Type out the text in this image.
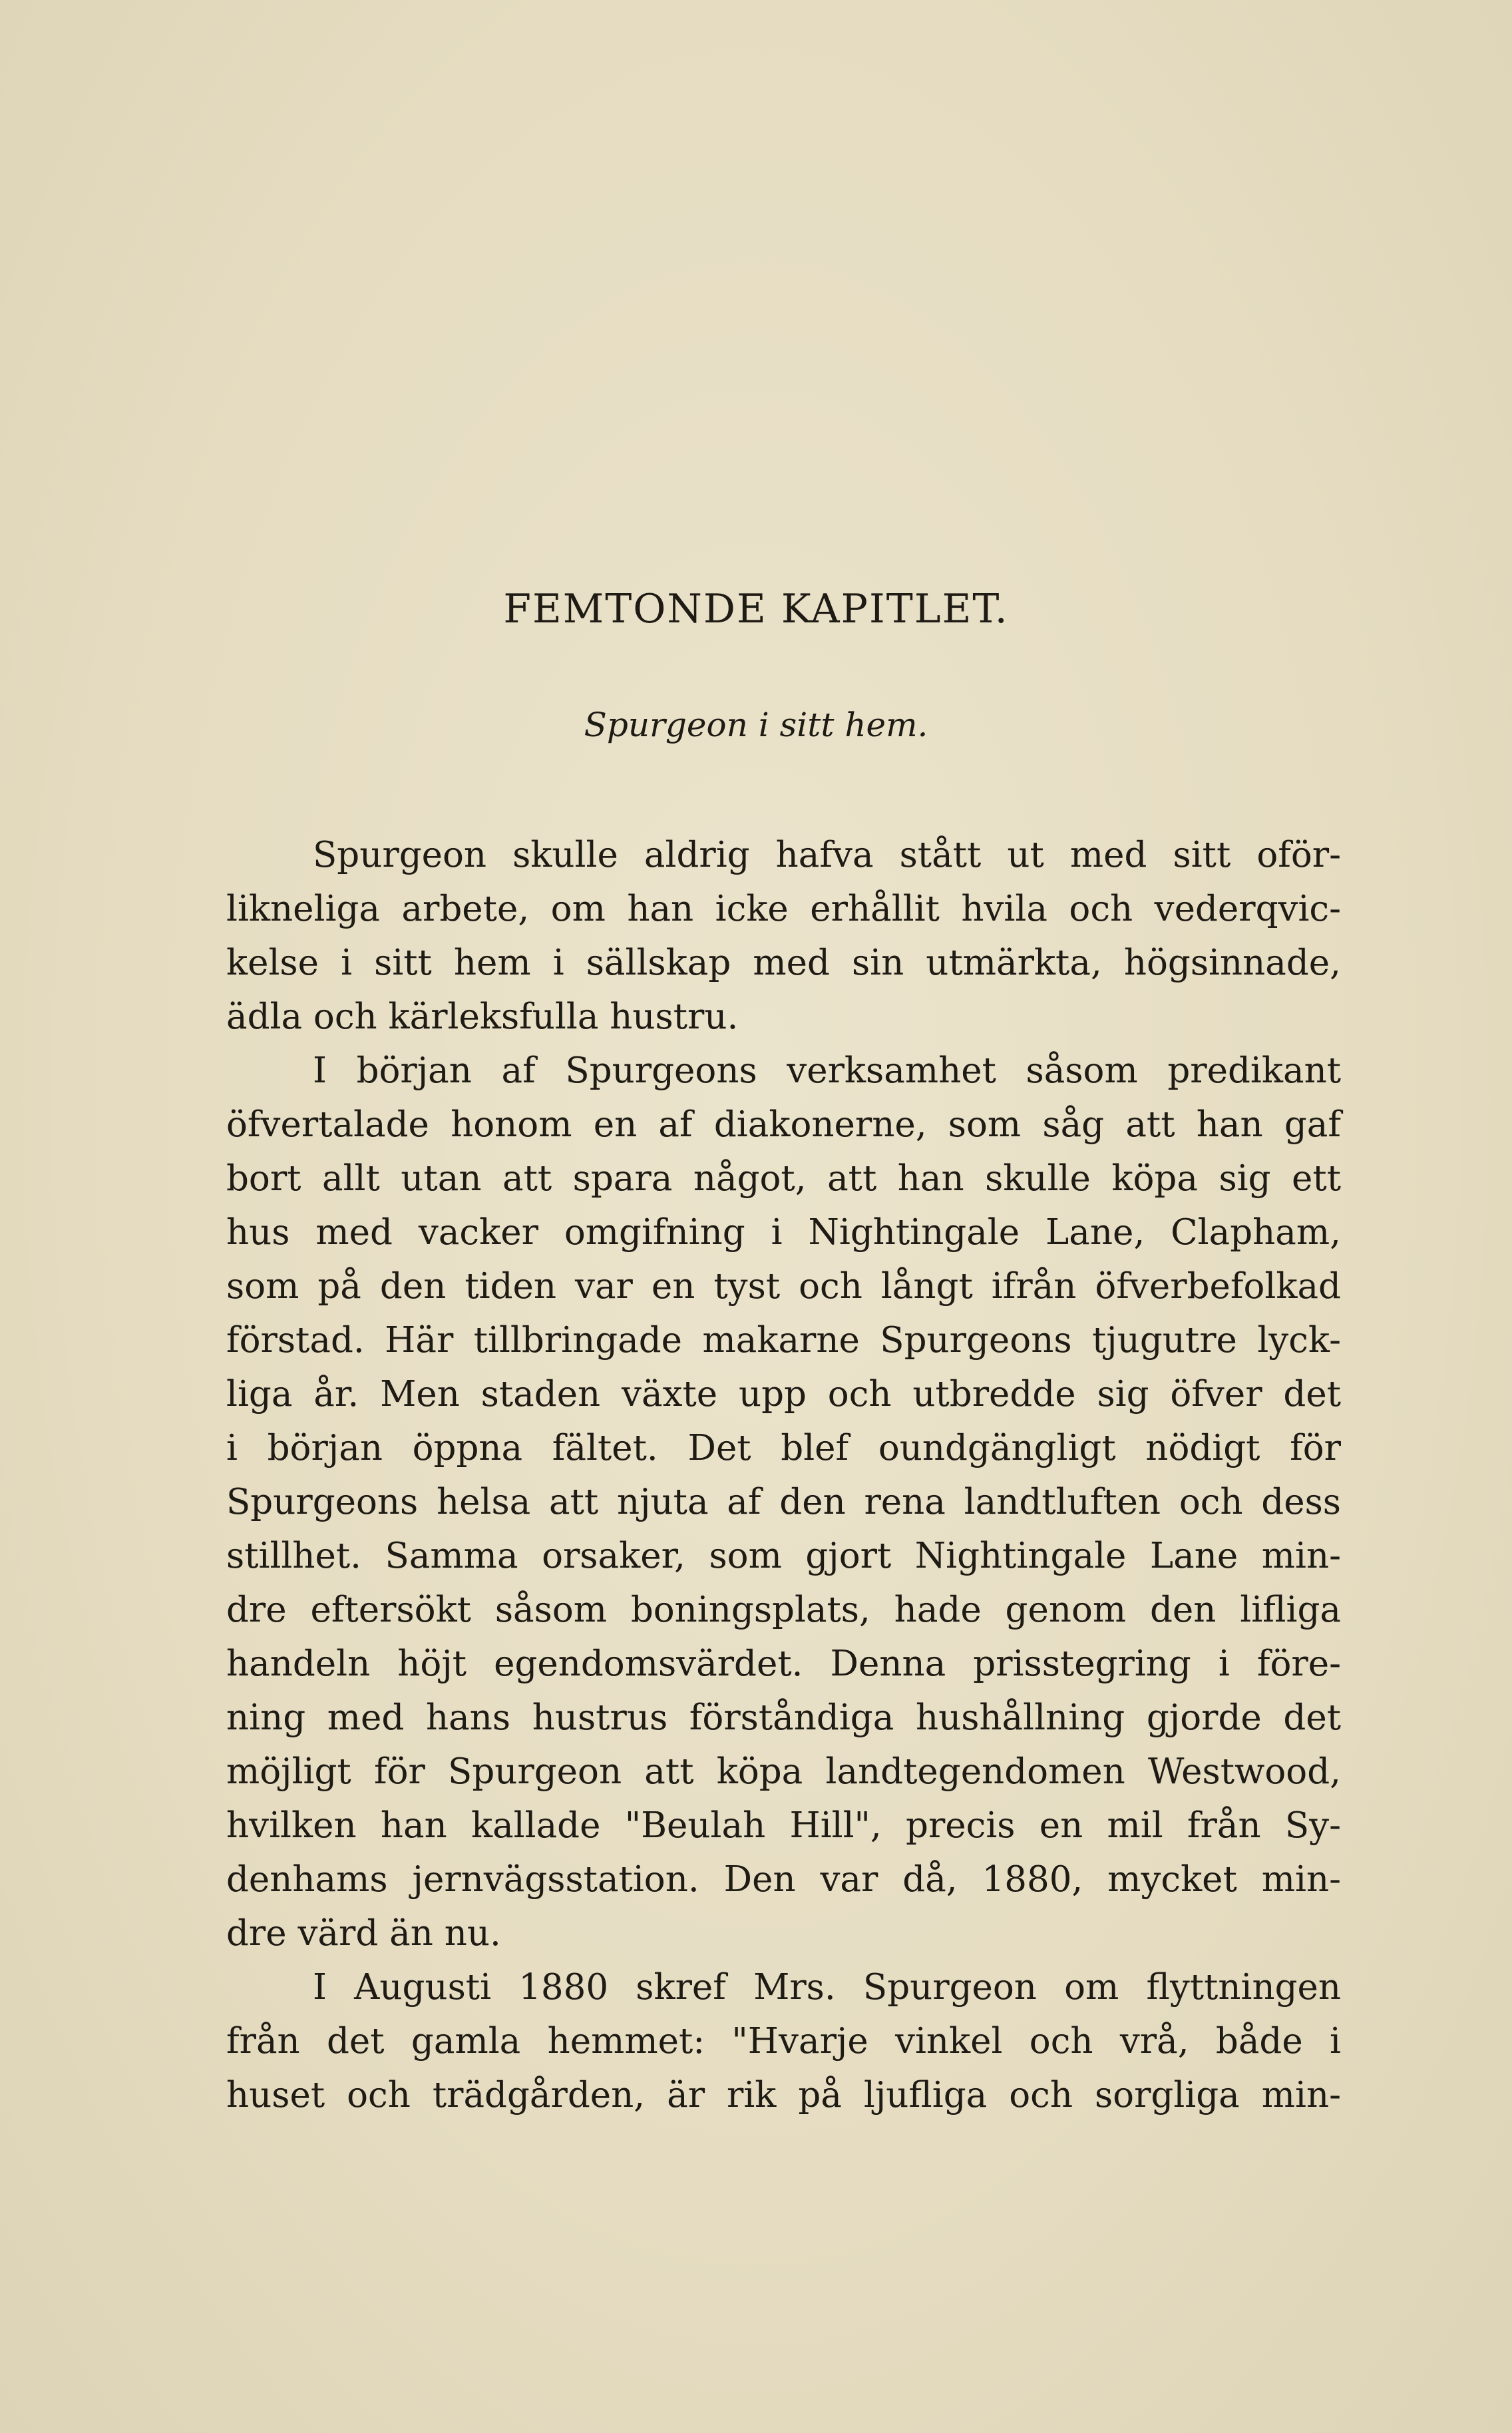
FEMTONDE KAPITLET.

Spurgeon i sitt hem.

Spurgeon skulle aldrig hafva stått ut med sitt oför-
likneliga arbete, om han icke erhållit hvila och vederqvic-
kelse i sitt hem i sällskap med sin utmärkta, högsinnade,
ädla och kärleksfulla hustru.
I början af Spurgeons verksamhet såsom predikant
öfvertalade honom en af diakonerne, som såg att han gaf
bort allt utan att spara något, att han skulle köpa sig ett
hus med vacker omgifning i Nightingale Lane, Clapham,
som på den tiden var en tyst och långt ifrån öfverbefolkad
förstad. Här tillbringade makarne Spurgeons tjugutre lyck-
liga år. Men staden växte upp och utbredde sig öfver det
i början öppna fältet. Det blef oundgängligt nödigt för
Spurgeons helsa att njuta af den rena landtluften och dess
stillhet. Samma orsaker, som gjort Nightingale Lane min-
dre eftersökt såsom boningsplats, hade genom den lifliga
handeln höjt egendomsvärdet. Denna prisstegring i före-
ning med hans hustrus förståndiga hushållning gjorde det
möjligt för Spurgeon att köpa landtegendomen Westwood,
hvilken han kallade "Beulah Hill", precis en mil från Sy-
denhams jernvägsstation. Den var då, 1880, mycket min-
dre värd än nu.
I Augusti 1880 skref Mrs. Spurgeon om flyttningen
från det gamla hemmet: "Hvarje vinkel och vrå, både i
huset och trädgården, är rik på ljufliga och sorgliga min-
